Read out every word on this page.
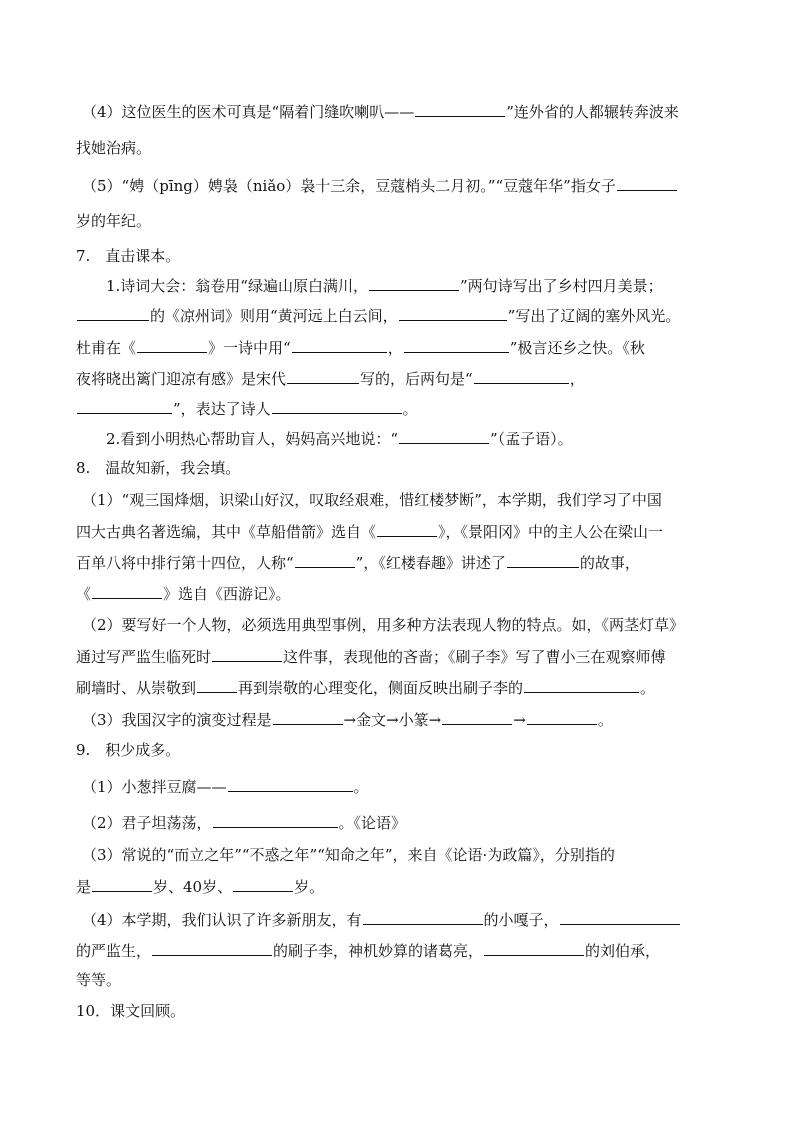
（4）这位医生的医术可真是“隔着门缝吹喇叭——	”连外省的人都辗转奔波来
找她治病。
（5）“娉（pīng）娉袅（niǎo）袅十三余，豆蔻梢头二月初。”“豆蔻年华”指女子
岁的年纪。
7.　直击课本。
1.诗词大会：翁卷用“绿遍山原白满川，	”两句诗写出了乡村四月美景；
的《凉州词》则用“黄河远上白云间，	”写出了辽阔的塞外风光。
杜甫在《	》一诗中用“	，	”极言还乡之快。《秋
夜将晓出篱门迎凉有感》是宋代	写的，后两句是“	，
”，表达了诗人	。
2.看到小明热心帮助盲人，妈妈高兴地说：“	”（孟子语）。
8.　温故知新，我会填。
（1）“观三国烽烟，识梁山好汉，叹取经艰难，惜红楼梦断”，本学期，我们学习了中国
四大古典名著选编，其中《草船借箭》选自《	》，《景阳冈》中的主人公在梁山一
百单八将中排行第十四位，人称“	”，《红楼春趣》讲述了	的故事，
《	》选自《西游记》。
（2）要写好一个人物，必须选用典型事例，用多种方法表现人物的特点。如，《两茎灯草》
通过写严监生临死时	这件事，表现他的吝啬；《刷子李》写了曹小三在观察师傅
刷墙时、从崇敬到	再到崇敬的心理变化，侧面反映出刷子李的	。
（3）我国汉字的演变过程是	→金文→小篆→	→	。
9.　积少成多。
（1）小葱拌豆腐——	。
（2）君子坦荡荡，	。《论语》
（3）常说的“而立之年”“不惑之年”“知命之年”，来自《论语·为政篇》，分别指的
是	岁、40岁、	岁。
（4）本学期，我们认识了许多新朋友，有	的小嘎子，
的严监生，	的刷子李，神机妙算的诸葛亮，	的刘伯承，
等等。
10．课文回顾。
